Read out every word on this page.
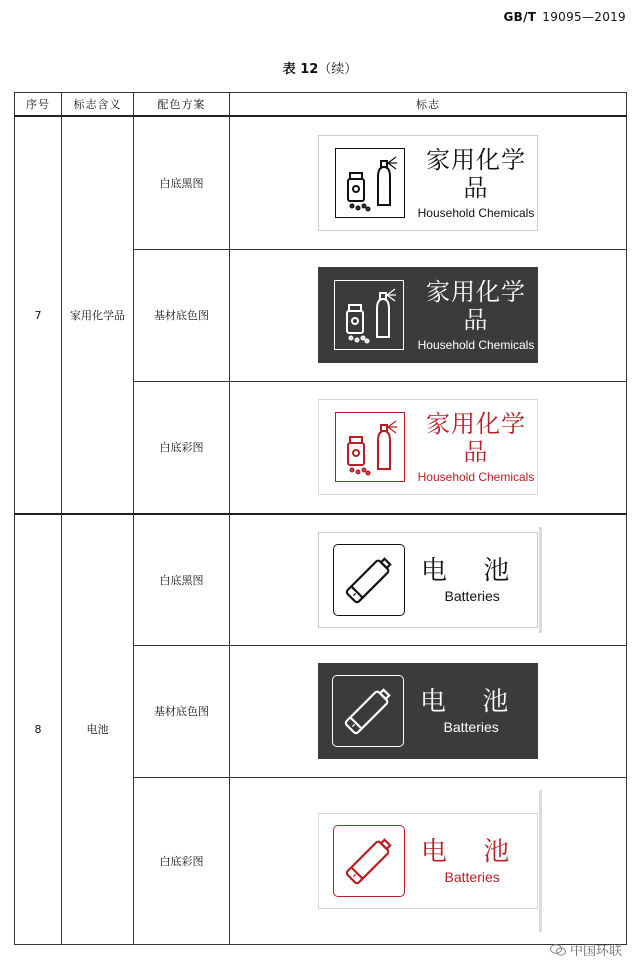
GB/T 19095—2019
表 12（续）
序号	标志含义	配色方案	标志
7	家用化学品	白底黑图	家用化学品
Household Chemicals

		基材底色图	家用化学品
Household Chemicals

		白底彩图	家用化学品
Household Chemicals

8	电池	白底黑图	电 池
Batteries

		基材底色图	电 池
Batteries

		白底彩图	电 池
Batteries
中国环联
